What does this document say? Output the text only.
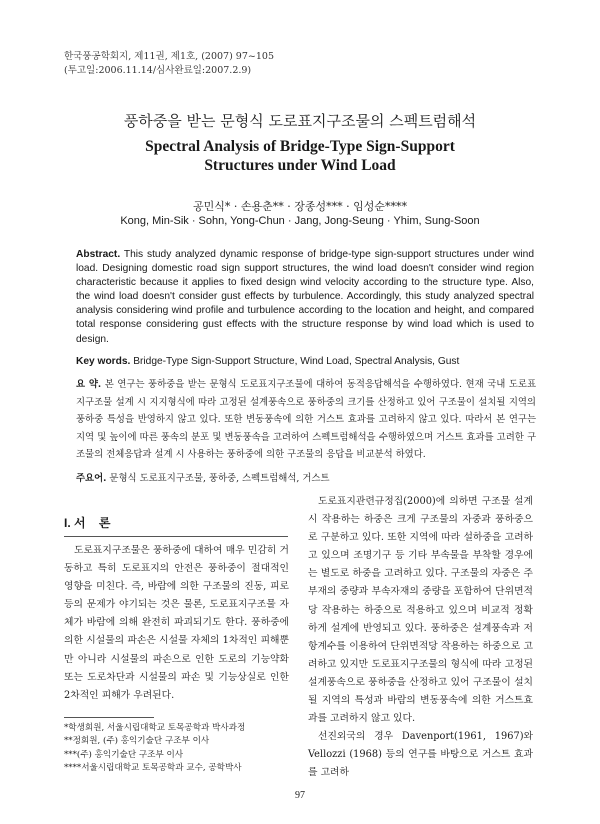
한국풍공학회지, 제11권, 제1호, (2007) 97~105
(투고일:2006.11.14/심사완료일:2007.2.9)
풍하중을 받는 문형식 도로표지구조물의 스펙트럼해석
Spectral Analysis of Bridge-Type Sign-Support
Structures under Wind Load
공민식* · 손용춘** · 장종성*** · 임성순****
Kong, Min-Sik · Sohn, Yong-Chun · Jang, Jong-Seung · Yhim, Sung-Soon
Abstract. This study analyzed dynamic response of bridge-type sign-support structures under wind load. Designing domestic road sign support structures, the wind load doesn't consider wind region characteristic because it applies to fixed design wind velocity according to the structure type. Also, the wind load doesn't consider gust effects by turbulence. Accordingly, this study analyzed spectral analysis considering wind profile and turbulence according to the location and height, and compared total response considering gust effects with the structure response by wind load which is used to design.
Key words. Bridge-Type Sign-Support Structure, Wind Load, Spectral Analysis, Gust
요 약. 본 연구는 풍하중을 받는 문형식 도로표지구조물에 대하여 동적응답해석을 수행하였다. 현재 국내 도로표지구조물 설계 시 지지형식에 따라 고정된 설계풍속으로 풍하중의 크기를 산정하고 있어 구조물이 설치될 지역의 풍하중 특성을 반영하지 않고 있다. 또한 변동풍속에 의한 거스트 효과를 고려하지 않고 있다. 따라서 본 연구는 지역 및 높이에 따른 풍속의 분포 및 변동풍속을 고려하여 스펙트럼해석을 수행하였으며 거스트 효과를 고려한 구조물의 전체응답과 설계 시 사용하는 풍하중에 의한 구조물의 응답을 비교분석 하였다.
주요어. 문형식 도로표지구조물, 풍하중, 스펙트럼해석, 거스트
I. 서    론

도로표지구조물은 풍하중에 대하여 매우 민감히 거동하고 특히 도로표지의 안전은 풍하중이 절대적인 영향을 미친다. 즉, 바람에 의한 구조물의 진동, 피로 등의 문제가 야기되는 것은 물론, 도로표지구조물 자체가 바람에 의해 완전히 파괴되기도 한다. 풍하중에 의한 시설물의 파손은 시설물 자체의 1차적인 피해뿐만 아니라 시설물의 파손으로 인한 도로의 기능약화 또는 도로차단과 시설물의 파손 및 기능상실로 인한 2차적인 피해가 우려된다.

도로표지관련규정집(2000)에 의하면 구조물 설계 시 작용하는 하중은 크게 구조물의 자중과 풍하중으로 구분하고 있다. 또한 지역에 따라 설하중을 고려하고 있으며 조명기구 등 기타 부속물을 부착할 경우에는 별도로 하중을 고려하고 있다. 구조물의 자중은 주부재의 중량과 부속자재의 중량을 포함하여 단위면적당 작용하는 하중으로 적용하고 있으며 비교적 정확하게 설계에 반영되고 있다. 풍하중은 설계풍속과 저항계수를 이용하여 단위면적당 작용하는 하중으로 고려하고 있지만 도로표지구조물의 형식에 따라 고정된 설계풍속으로 풍하중을 산정하고 있어 구조물이 설치될 지역의 특성과 바람의 변동풍속에 의한 거스트효과를 고려하지 않고 있다.

선진외국의 경우 Davenport(1961, 1967)와 Vellozzi (1968) 등의 연구를 바탕으로 거스트 효과를 고려하

*학생회원, 서울시립대학교 토목공학과 박사과정
**정회원, (주) 홍익기술단 구조부 이사
***(주) 홍익기술단 구조부 이사
****서울시립대학교 토목공학과 교수, 공학박사
97
